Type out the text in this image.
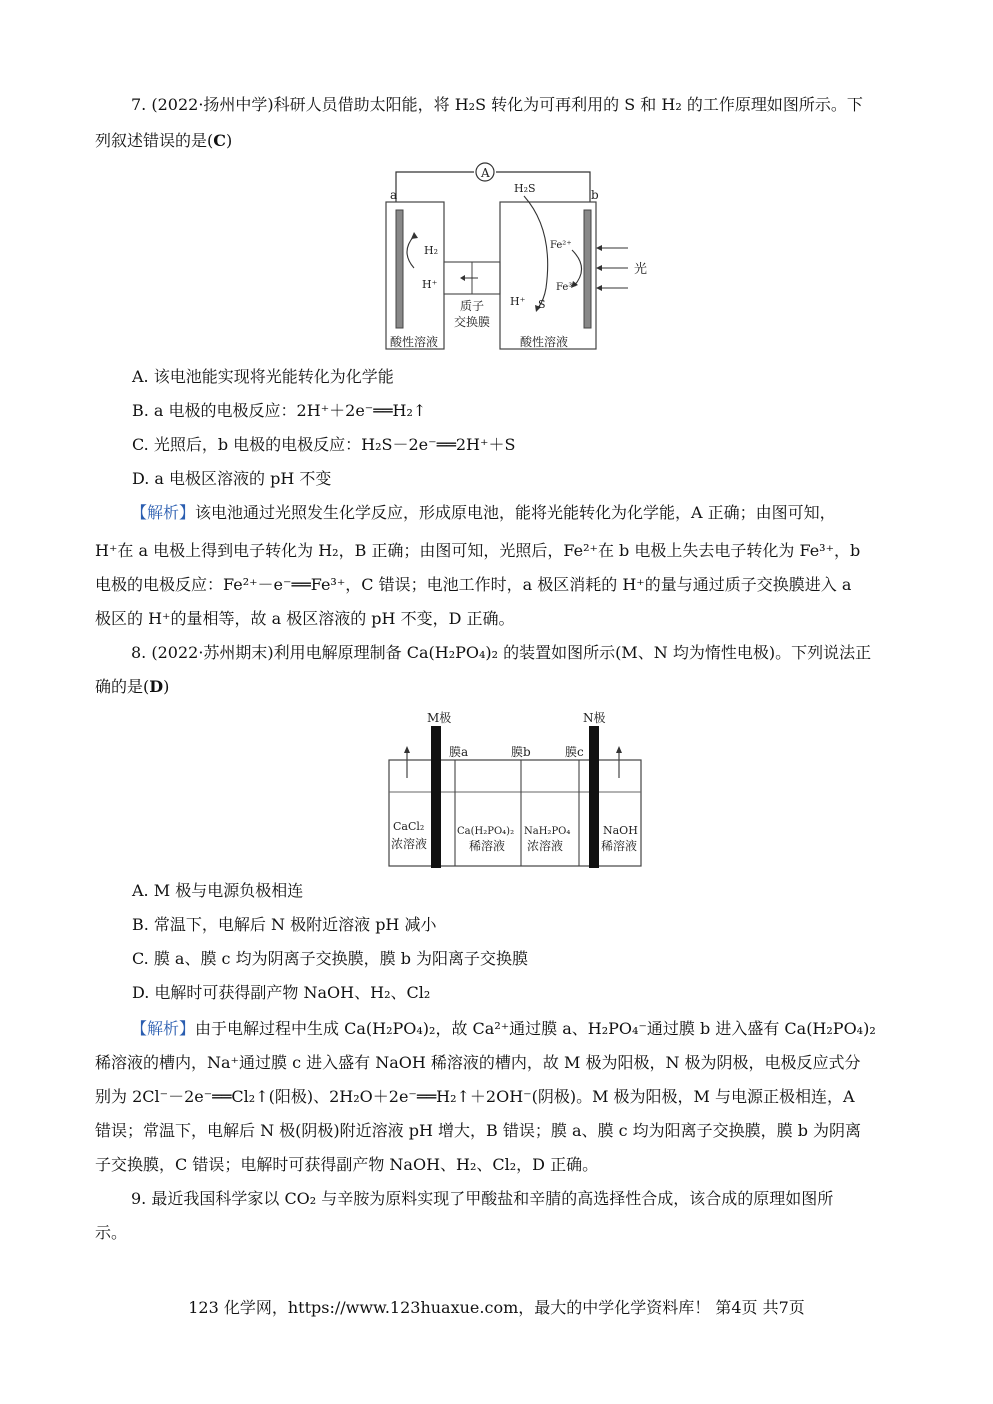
7. (2022·扬州中学)科研人员借助太阳能，将 H₂S 转化为可再利用的 S 和 H₂ 的工作原理如图所示。下

列叙述错误的是(C)

A
a	b
H₂
H⁺
酸性溶液
质子
交换膜
H₂S
Fe²⁺
Fe³⁺
H⁺ S
酸性溶液
光

A. 该电池能实现将光能转化为化学能

B. a 电极的电极反应：2H⁺＋2e⁻══H₂↑

C. 光照后，b 电极的电极反应：H₂S－2e⁻══2H⁺＋S

D. a 电极区溶液的 pH 不变

【解析】该电池通过光照发生化学反应，形成原电池，能将光能转化为化学能，A 正确；由图可知，

H⁺在 a 电极上得到电子转化为 H₂，B 正确；由图可知，光照后，Fe²⁺在 b 电极上失去电子转化为 Fe³⁺，b

电极的电极反应：Fe²⁺－e⁻══Fe³⁺，C 错误；电池工作时，a 极区消耗的 H⁺的量与通过质子交换膜进入 a

极区的 H⁺的量相等，故 a 极区溶液的 pH 不变，D 正确。

8. (2022·苏州期末)利用电解原理制备 Ca(H₂PO₄)₂ 的装置如图所示(M、N 均为惰性电极)。下列说法正

确的是(D)

M极	N极
膜a	膜b	膜c
CaCl₂
浓溶液
Ca(H₂PO₄)₂
稀溶液
NaH₂PO₄
浓溶液
NaOH
稀溶液

A. M 极与电源负极相连

B. 常温下，电解后 N 极附近溶液 pH 减小

C. 膜 a、膜 c 均为阴离子交换膜，膜 b 为阳离子交换膜

D. 电解时可获得副产物 NaOH、H₂、Cl₂

【解析】由于电解过程中生成 Ca(H₂PO₄)₂，故 Ca²⁺通过膜 a、H₂PO₄⁻通过膜 b 进入盛有 Ca(H₂PO₄)₂

稀溶液的槽内，Na⁺通过膜 c 进入盛有 NaOH 稀溶液的槽内，故 M 极为阳极，N 极为阴极，电极反应式分

别为 2Cl⁻－2e⁻══Cl₂↑(阳极)、2H₂O＋2e⁻══H₂↑＋2OH⁻(阴极)。M 极为阳极，M 与电源正极相连，A

错误；常温下，电解后 N 极(阴极)附近溶液 pH 增大，B 错误；膜 a、膜 c 均为阳离子交换膜，膜 b 为阴离

子交换膜，C 错误；电解时可获得副产物 NaOH、H₂、Cl₂，D 正确。

9. 最近我国科学家以 CO₂ 与辛胺为原料实现了甲酸盐和辛腈的高选择性合成，该合成的原理如图所

示。

123 化学网，https://www.123huaxue.com，最大的中学化学资料库！ 第4页 共7页
